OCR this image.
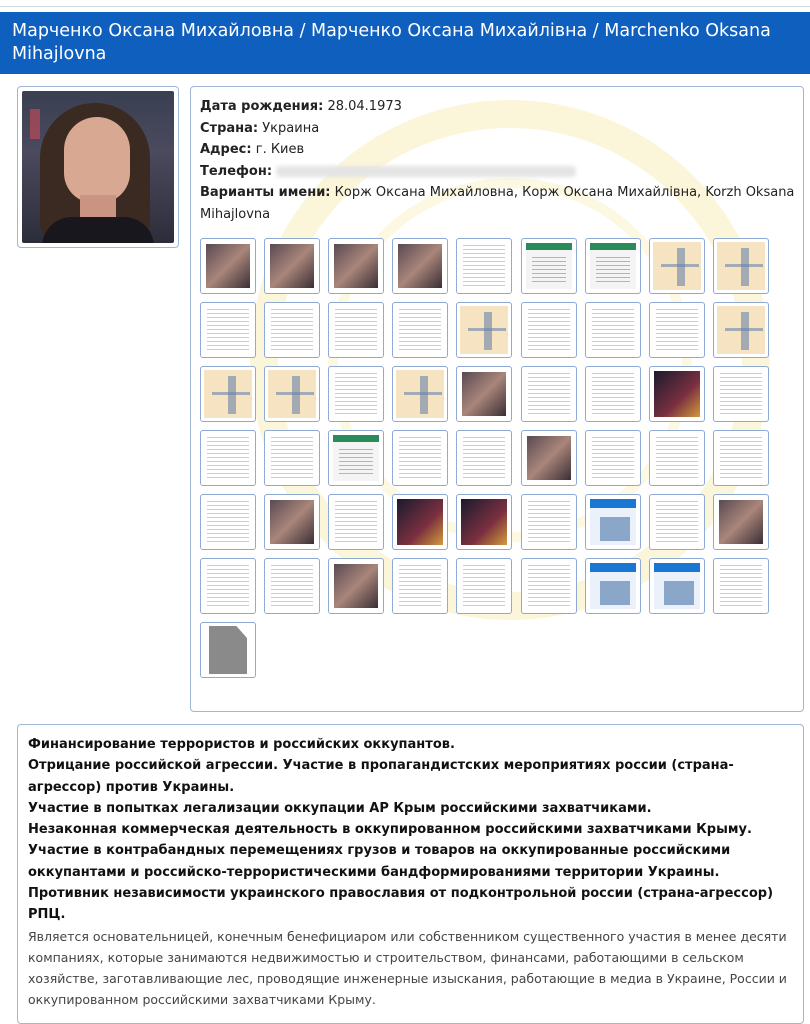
Марченко Оксана Михайловна / Марченко Оксана Михайлівна / Marchenko Oksana Mihajlovna
Дата рождения: 28.04.1973
Страна: Украина
Адрес: г. Киев
Телефон:
Варианты имени: Корж Оксана Михайловна, Корж Оксана Михайлівна, Korzh Oksana Mihajlovna

Финансирование террористов и российских оккупантов.

Отрицание российской агрессии. Участие в пропагандистских мероприятиях россии (страна-агрессор) против Украины.

Участие в попытках легализации оккупации АР Крым российскими захватчиками.

Незаконная коммерческая деятельность в оккупированном российскими захватчиками Крыму.

Участие в контрабандных перемещениях грузов и товаров на оккупированные российскими оккупантами и российско-террористическими бандформированиями территории Украины.

Противник независимости украинского православия от подконтрольной россии (страна-агрессор) РПЦ.

Является основательницей, конечным бенефициаром или собственником существенного участия в менее десяти компаниях, которые занимаются недвижимостью и строительством, финансами, работающими в сельском хозяйстве, заготавливающие лес, проводящие инженерные изыскания, работающие в медиа в Украине, России и оккупированном российскими захватчиками Крыму.
